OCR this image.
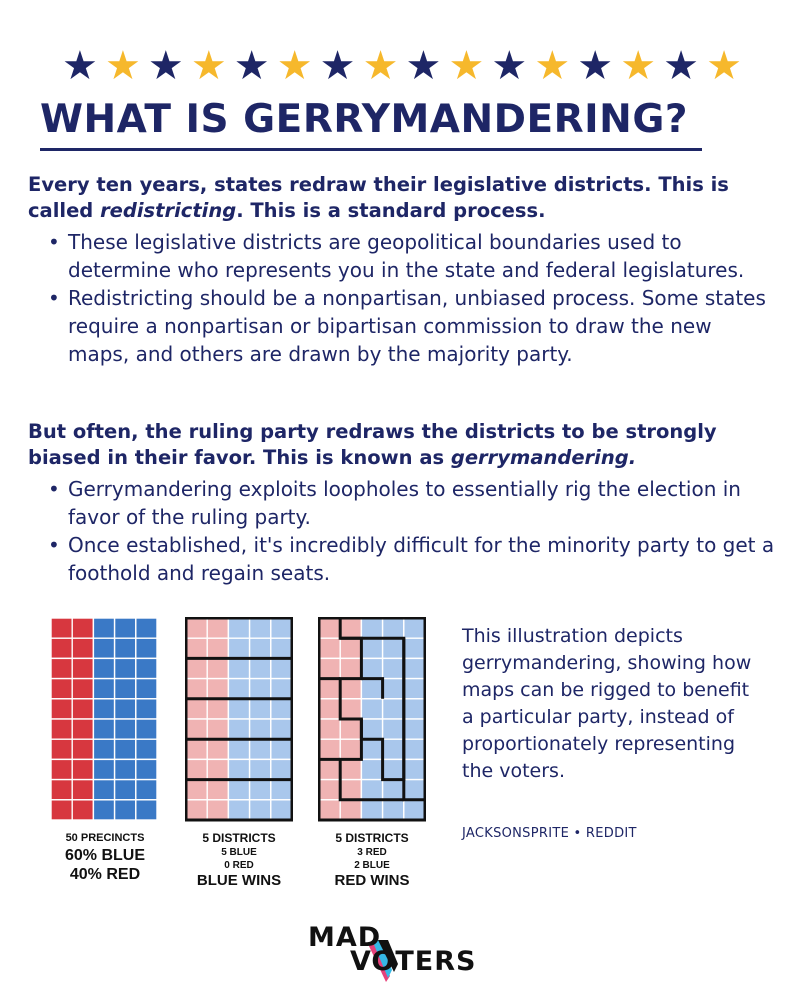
★ ★ ★ ★ ★ ★ ★ ★ ★ ★ ★ ★ ★ ★ ★ ★
WHAT IS GERRYMANDERING?

Every ten years, states redraw their legislative districts. This is called redistricting. This is a standard process.

• These legislative districts are geopolitical boundaries used to determine who represents you in the state and federal legislatures.
• Redistricting should be a nonpartisan, unbiased process. Some states require a nonpartisan or bipartisan commission to draw the new maps, and others are drawn by the majority party.

But often, the ruling party redraws the districts to be strongly biased in their favor. This is known as gerrymandering.

• Gerrymandering exploits loopholes to essentially rig the election in favor of the ruling party.
• Once established, it's incredibly difficult for the minority party to get a foothold and regain seats.
50 PRECINCTS
60% BLUE
40% RED
5 DISTRICTS
5 BLUE
0 RED
BLUE WINS
5 DISTRICTS
3 RED
2 BLUE
RED WINS
This illustration depicts gerrymandering, showing how maps can be rigged to benefit a particular party, instead of proportionately representing the voters.
JACKSONSPRITE • REDDIT
MAD
VOTERS
